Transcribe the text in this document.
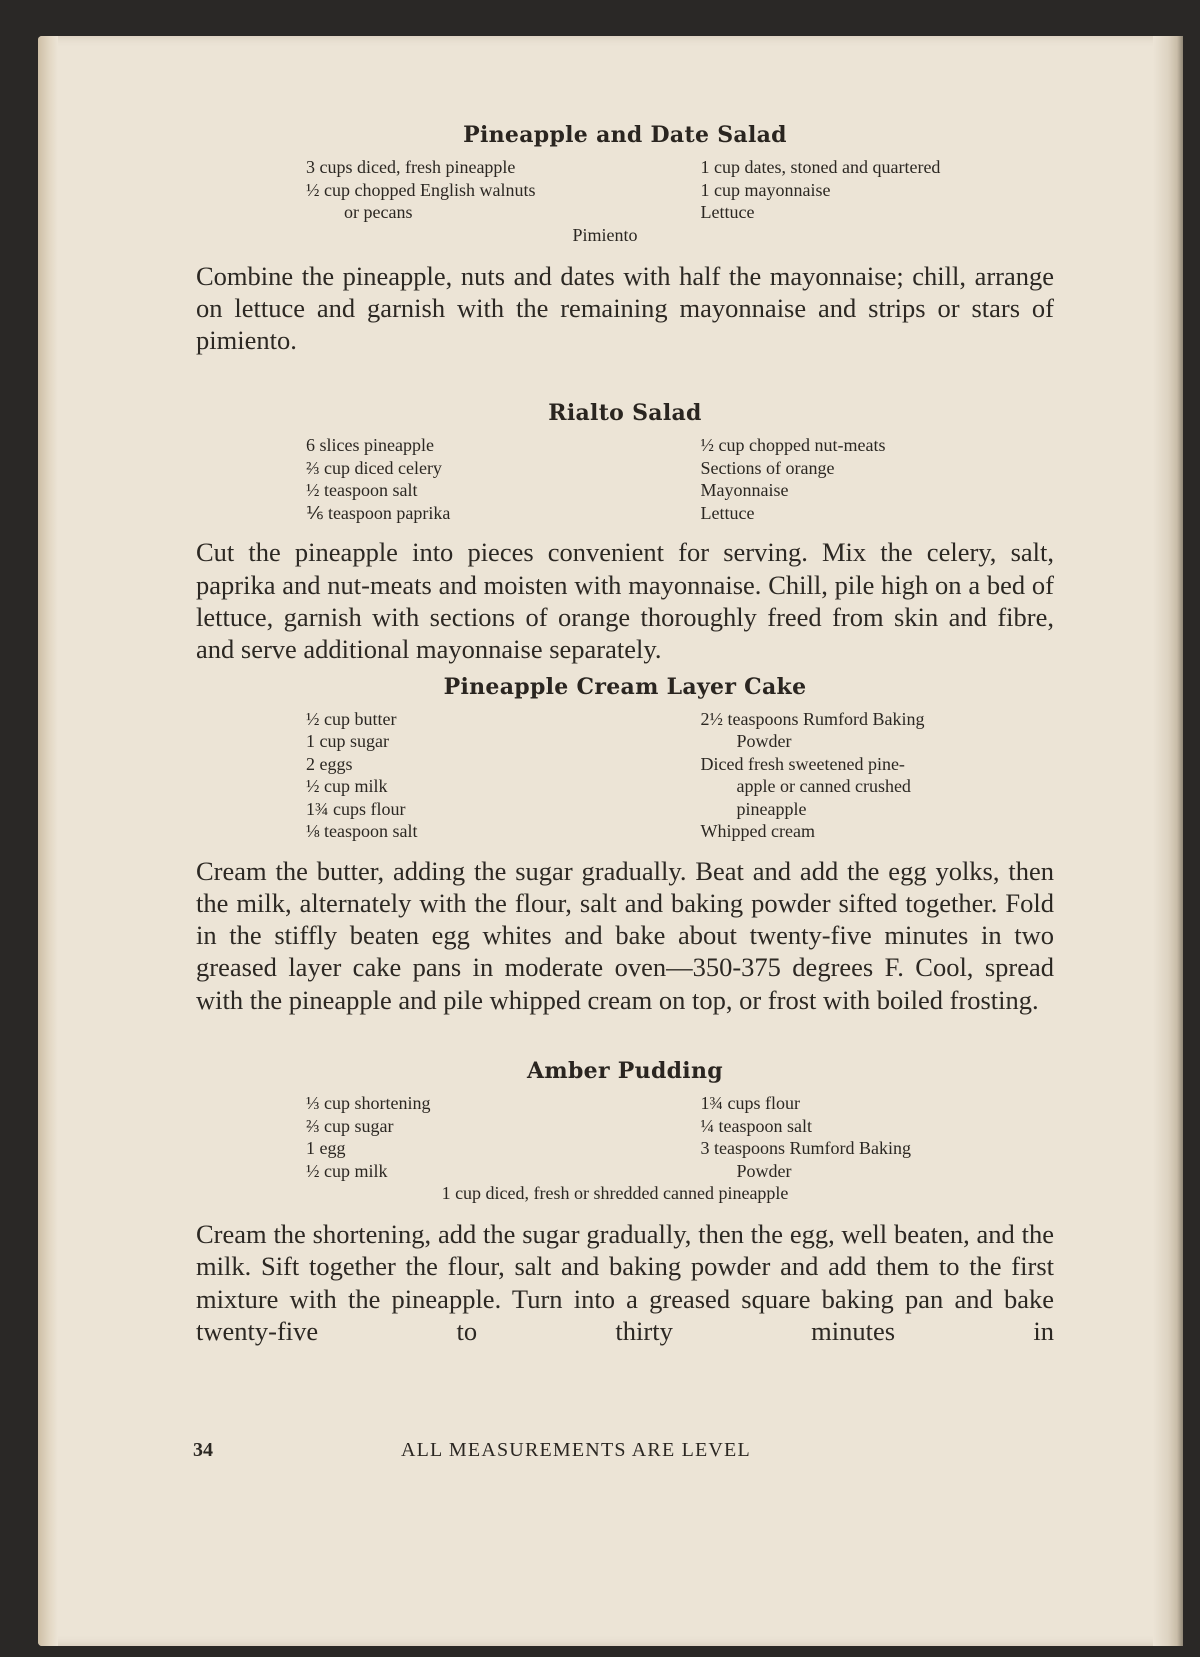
Pineapple and Date Salad
3 cups diced, fresh pineapple
½ cup chopped English walnuts
or pecans
1 cup dates, stoned and quartered
1 cup mayonnaise
Lettuce
Pimiento

Combine the pineapple, nuts and dates with half the mayonnaise; chill, arrange on lettuce and garnish with the remaining mayonnaise and strips or stars of pimiento.

Rialto Salad
6 slices pineapple
⅔ cup diced celery
½ teaspoon salt
⅙ teaspoon paprika
½ cup chopped nut-meats
Sections of orange
Mayonnaise
Lettuce

Cut the pineapple into pieces convenient for serving. Mix the celery, salt, paprika and nut-meats and moisten with mayonnaise. Chill, pile high on a bed of lettuce, garnish with sections of orange thoroughly freed from skin and fibre, and serve additional mayonnaise separately.

Pineapple Cream Layer Cake
½ cup butter
1 cup sugar
2 eggs
½ cup milk
1¾ cups flour
⅛ teaspoon salt
2½ teaspoons Rumford Baking
Powder
Diced fresh sweetened pine-
apple or canned crushed
pineapple
Whipped cream

Cream the butter, adding the sugar gradually. Beat and add the egg yolks, then the milk, alternately with the flour, salt and baking powder sifted together. Fold in the stiffly beaten egg whites and bake about twenty-five minutes in two greased layer cake pans in moderate oven—350-375 degrees F. Cool, spread with the pineapple and pile whipped cream on top, or frost with boiled frosting.

Amber Pudding
⅓ cup shortening
⅔ cup sugar
1 egg
½ cup milk
1¾ cups flour
¼ teaspoon salt
3 teaspoons Rumford Baking
Powder
1 cup diced, fresh or shredded canned pineapple

Cream the shortening, add the sugar gradually, then the egg, well beaten, and the milk. Sift together the flour, salt and baking powder and add them to the first mixture with the pineapple. Turn into a greased square baking pan and bake twenty-five to thirty minutes in

34	ALL MEASUREMENTS ARE LEVEL
